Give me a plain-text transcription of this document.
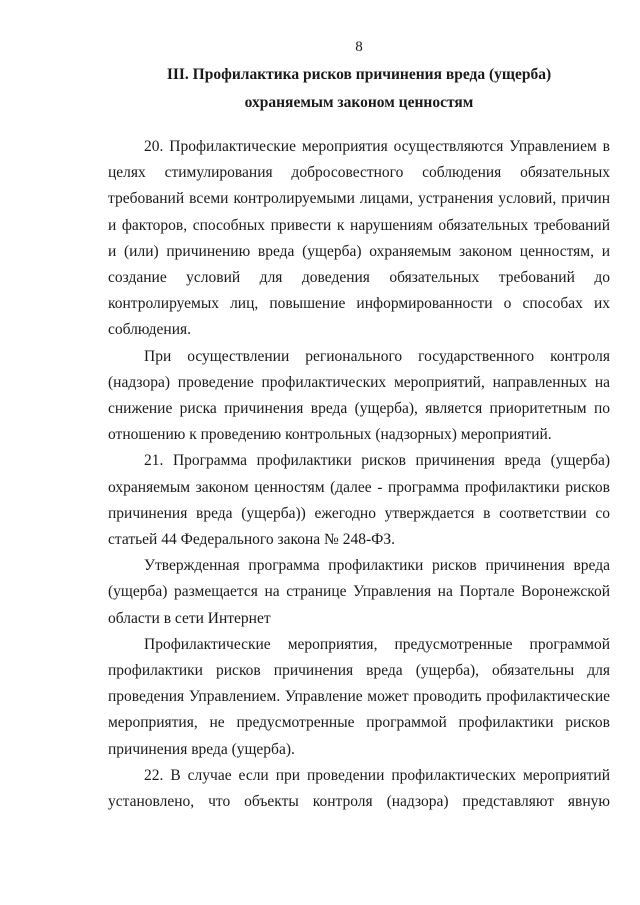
8
III. Профилактика рисков причинения вреда (ущерба)
охраняемым законом ценностям

20. Профилактические мероприятия осуществляются Управлением в целях стимулирования добросовестного соблюдения обязательных требований всеми контролируемыми лицами, устранения условий, причин и факторов, способных привести к нарушениям обязательных требований и (или) причинению вреда (ущерба) охраняемым законом ценностям, и создание условий для доведения обязательных требований до контролируемых лиц, повышение информированности о способах их соблюдения.

При осуществлении регионального государственного контроля (надзора) проведение профилактических мероприятий, направленных на снижение риска причинения вреда (ущерба), является приоритетным по отношению к проведению контрольных (надзорных) мероприятий.

21. Программа профилактики рисков причинения вреда (ущерба) охраняемым законом ценностям (далее - программа профилактики рисков причинения вреда (ущерба)) ежегодно утверждается в соответствии со статьей 44 Федерального закона № 248-ФЗ.

Утвержденная программа профилактики рисков причинения вреда (ущерба) размещается на странице Управления на Портале Воронежской области в сети Интернет

Профилактические мероприятия, предусмотренные программой профилактики рисков причинения вреда (ущерба), обязательны для проведения Управлением. Управление может проводить профилактические мероприятия, не предусмотренные программой профилактики рисков причинения вреда (ущерба).

22. В случае если при проведении профилактических мероприятий установлено, что объекты контроля (надзора) представляют явную
